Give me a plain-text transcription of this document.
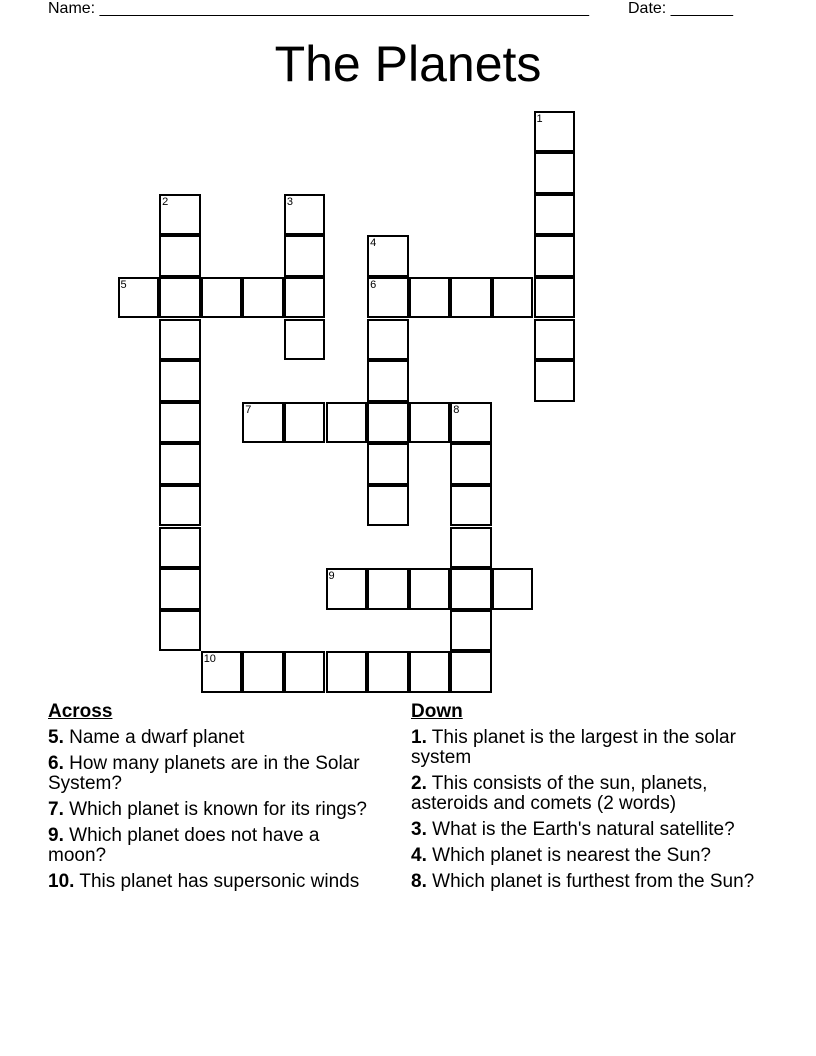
Name: _______________________________________________________ Date: _______
The Planets
1
2	3
4
5	6
7	8
9
10
Across
5. Name a dwarf planet
6. How many planets are in the Solar System?
7. Which planet is known for its rings?
9. Which planet does not have a moon?
10. This planet has supersonic winds
Down
1. This planet is the largest in the solar system
2. This consists of the sun, planets, asteroids and comets (2 words)
3. What is the Earth's natural satellite?
4. Which planet is nearest the Sun?
8. Which planet is furthest from the Sun?
